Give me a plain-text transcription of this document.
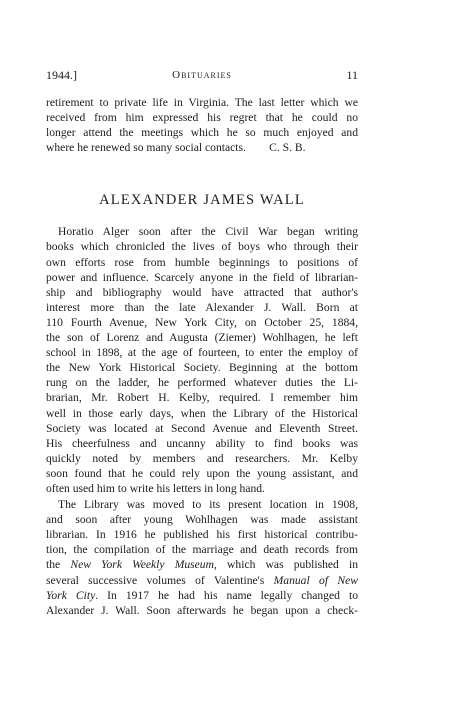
1944.]	Obituaries	11
retirement to private life in Virginia. The last letter which we
received from him expressed his regret that he could no
longer attend the meetings which he so much enjoyed and
where he renewed so many social contacts.        C. S. B.
ALEXANDER JAMES WALL
Horatio Alger soon after the Civil War began writing
books which chronicled the lives of boys who through their
own efforts rose from humble beginnings to positions of
power and influence. Scarcely anyone in the field of librarian-
ship and bibliography would have attracted that author's
interest more than the late Alexander J. Wall. Born at
110 Fourth Avenue, New York City, on October 25, 1884,
the son of Lorenz and Augusta (Ziemer) Wohlhagen, he left
school in 1898, at the age of fourteen, to enter the employ of
the New York Historical Society. Beginning at the bottom
rung on the ladder, he performed whatever duties the Li-
brarian, Mr. Robert H. Kelby, required. I remember him
well in those early days, when the Library of the Historical
Society was located at Second Avenue and Eleventh Street.
His cheerfulness and uncanny ability to find books was
quickly noted by members and researchers. Mr. Kelby
soon found that he could rely upon the young assistant, and
often used him to write his letters in long hand.
The Library was moved to its present location in 1908,
and soon after young Wohlhagen was made assistant
librarian. In 1916 he published his first historical contribu-
tion, the compilation of the marriage and death records from
the New York Weekly Museum, which was published in
several successive volumes of Valentine's Manual of New
York City. In 1917 he had his name legally changed to
Alexander J. Wall. Soon afterwards he began upon a check-
